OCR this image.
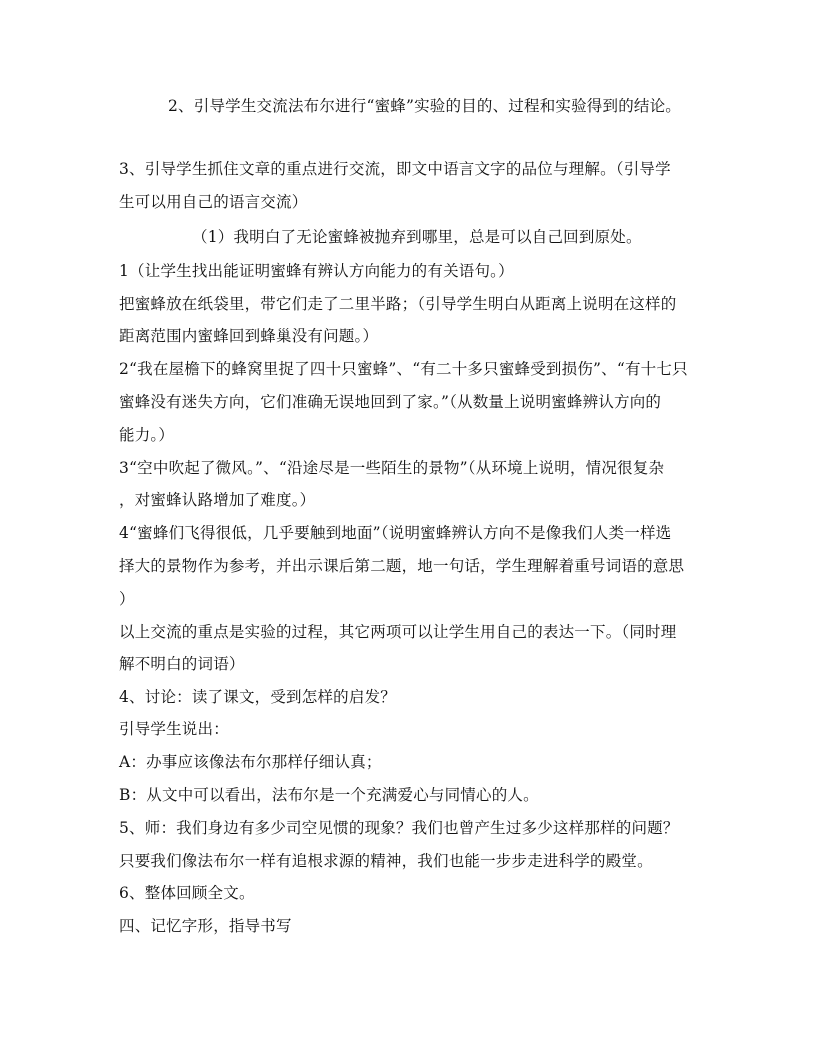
2、引导学生交流法布尔进行“蜜蜂”实验的目的、过程和实验得到的结论。
3、引导学生抓住文章的重点进行交流，即文中语言文字的品位与理解。（引导学
生可以用自己的语言交流）
（1）我明白了无论蜜蜂被抛弃到哪里，总是可以自己回到原处。
1（让学生找出能证明蜜蜂有辨认方向能力的有关语句。）
把蜜蜂放在纸袋里，带它们走了二里半路；（引导学生明白从距离上说明在这样的
距离范围内蜜蜂回到蜂巢没有问题。）
2“我在屋檐下的蜂窝里捉了四十只蜜蜂”、“有二十多只蜜蜂受到损伤”、“有十七只
蜜蜂没有迷失方向，它们准确无误地回到了家。”（从数量上说明蜜蜂辨认方向的
能力。）
3“空中吹起了微风。”、“沿途尽是一些陌生的景物”（从环境上说明，情况很复杂
，对蜜蜂认路增加了难度。）
4“蜜蜂们飞得很低，几乎要触到地面”（说明蜜蜂辨认方向不是像我们人类一样选
择大的景物作为参考，并出示课后第二题，地一句话，学生理解着重号词语的意思
）
以上交流的重点是实验的过程，其它两项可以让学生用自己的表达一下。（同时理
解不明白的词语）
4、讨论：读了课文，受到怎样的启发？
引导学生说出：
A：办事应该像法布尔那样仔细认真；
B：从文中可以看出，法布尔是一个充满爱心与同情心的人。
5、师：我们身边有多少司空见惯的现象？我们也曾产生过多少这样那样的问题？
只要我们像法布尔一样有追根求源的精神，我们也能一步步走进科学的殿堂。
6、整体回顾全文。
四、记忆字形，指导书写
